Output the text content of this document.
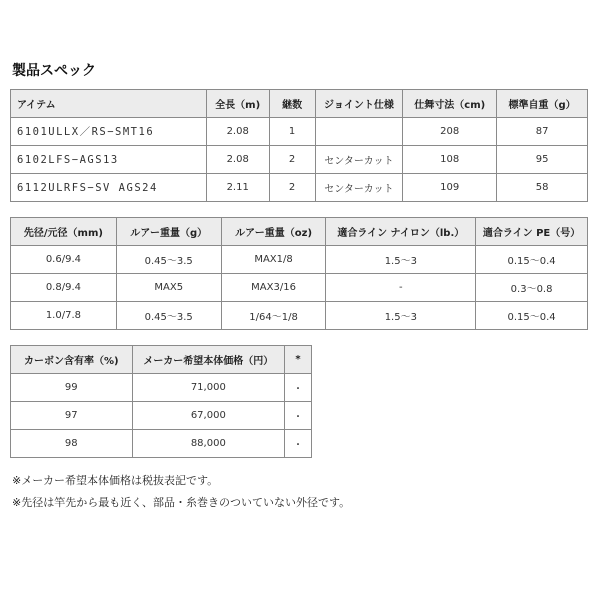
製品スペック
アイテム	全長（m)	継数	ジョイント仕様	仕舞寸法（cm)	標準自重（g）
6101ULLX／RS−SMT16	2.08	1		208	87
6102LFS−AGS13	2.08	2	センターカット	108	95
6112ULRFS−SV AGS24	2.11	2	センターカット	109	58
先径/元径（mm)	ルアー重量（g）	ルアー重量（oz)	適合ライン ナイロン（lb.）	適合ライン PE（号）
0.6/9.4	0.45〜3.5	MAX1/8	1.5〜3	0.15〜0.4
0.8/9.4	MAX5	MAX3/16	-	0.3〜0.8
1.0/7.8	0.45〜3.5	1/64〜1/8	1.5〜3	0.15〜0.4
カーボン含有率（%)	メーカー希望本体価格（円）	*
99	71,000	・
97	67,000	・
98	88,000	・
※メーカー希望本体価格は税抜表記です。
※先径は竿先から最も近く、部品・糸巻きのついていない外径です。
